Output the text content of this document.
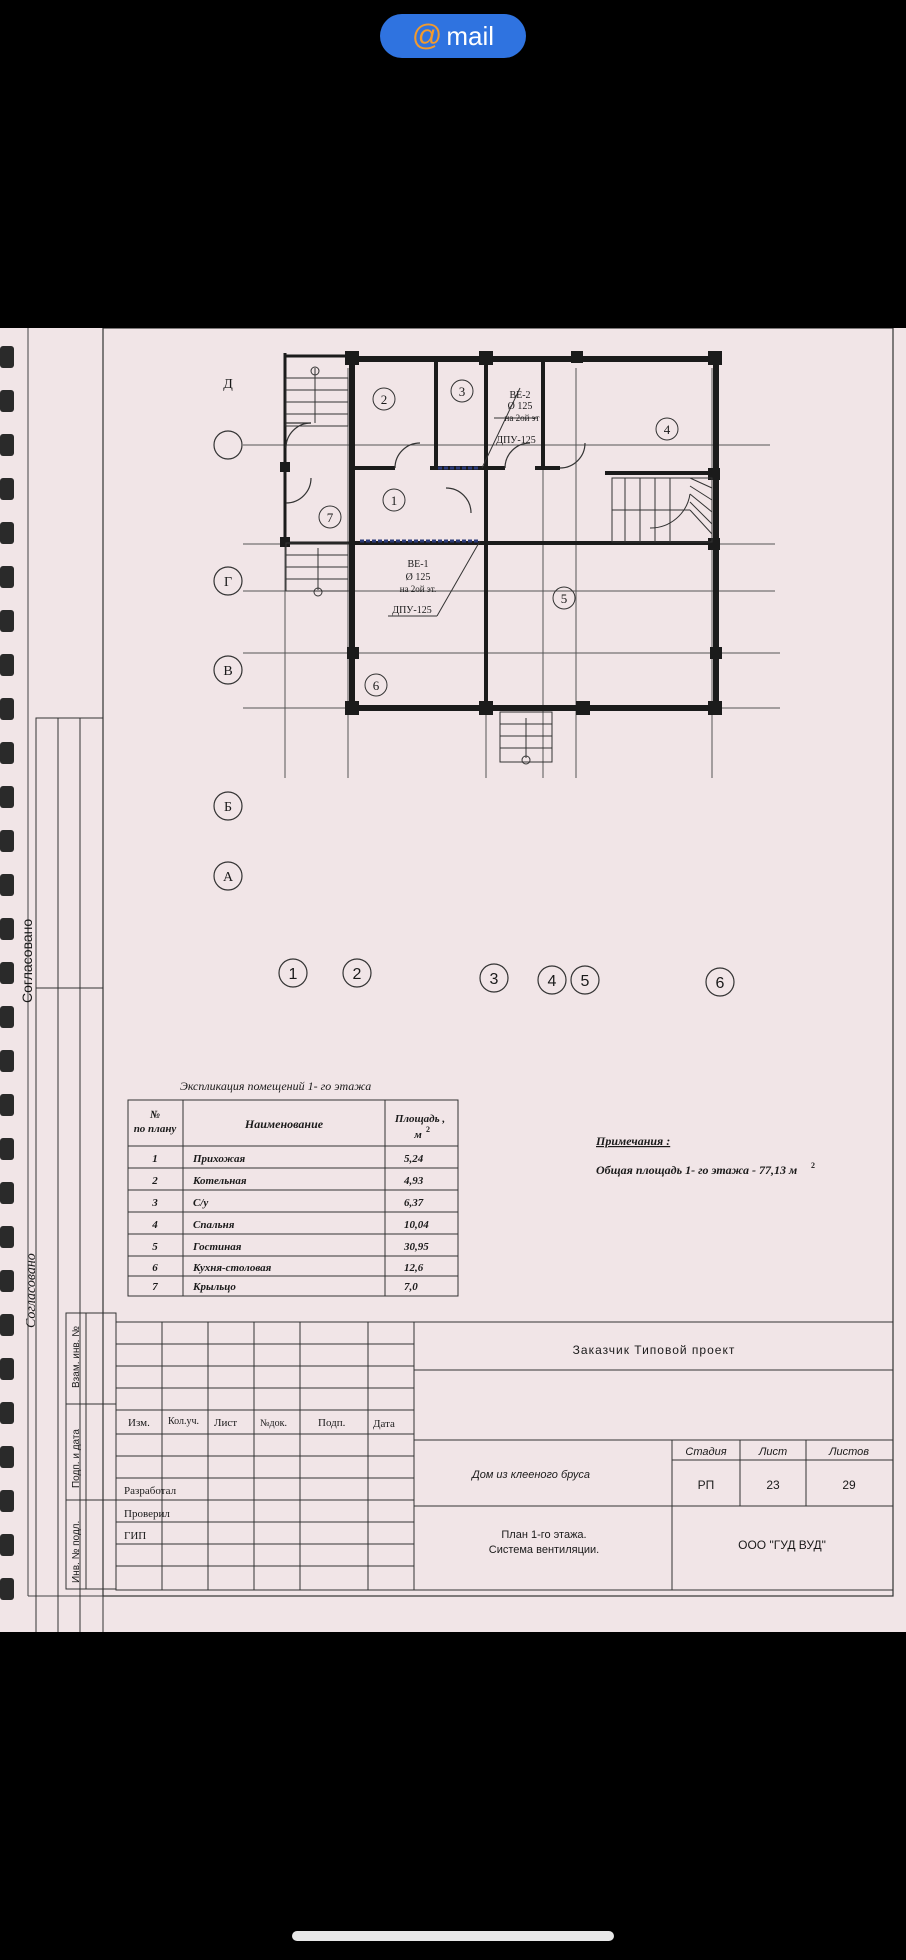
@ mail
Согласовано
Согласовано
Взам. инв. №
Подп. и дата
Инв. № подл.
ВЕ-1
Ø 125
на 2ой эт.
ДПУ-125
ВЕ-2
Ø 125
на 2ой эт
ДПУ-125
1
2
3
4
5
6
7
Д
Г
В
Б
А
1	2	3	4 5	6
Экспликация помещений 1- го этажа
№
по плану	Наименование	Площадь ,
м 2
1	Прихожая	5,24
2	Котельная	4,93
3	С/у	6,37
4	Спальня	10,04
5	Гостиная	30,95
6	Кухня-столовая	12,6
7	Крыльцо	7,0
Примечания :
Общая площадь 1- го этажа - 77,13 м 2
Заказчик Типовой проект
Изм. Кол.уч. Лист №док.	Подп.	Дата
Разработал
Проверил
ГИП
Дом из клееного бруса
Стадия	Лист	Листов
РП	23	29
План 1-го этажа.
Система вентиляции.	ООО "ГУД ВУД"
